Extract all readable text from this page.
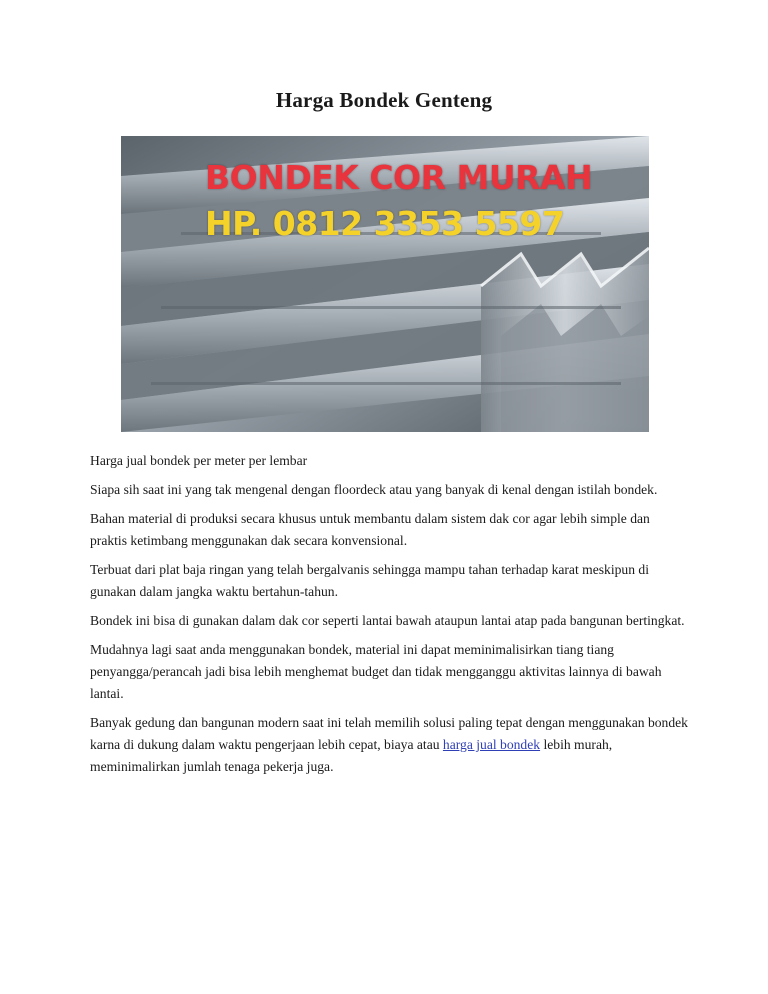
Harga Bondek Genteng
BONDEK COR MURAH
HP. 0812 3353 5597

Harga jual bondek per meter per lembar

Siapa sih saat ini yang tak mengenal dengan floordeck atau yang banyak di kenal dengan istilah bondek.

Bahan material di produksi secara khusus untuk membantu dalam sistem dak cor agar lebih simple dan praktis ketimbang menggunakan dak secara konvensional.

Terbuat dari plat baja ringan yang telah bergalvanis sehingga mampu tahan terhadap karat meskipun di gunakan dalam jangka waktu bertahun-tahun.

Bondek ini bisa di gunakan dalam dak cor seperti lantai bawah ataupun lantai atap pada bangunan bertingkat.

Mudahnya lagi saat anda menggunakan bondek, material ini dapat meminimalisirkan tiang tiang penyangga/perancah jadi bisa lebih menghemat budget dan tidak mengganggu aktivitas lainnya di bawah lantai.

Banyak gedung dan bangunan modern saat ini telah memilih solusi paling tepat dengan menggunakan bondek karna di dukung dalam waktu pengerjaan lebih cepat, biaya atau harga jual bondek lebih murah, meminimalirkan jumlah tenaga pekerja juga.
